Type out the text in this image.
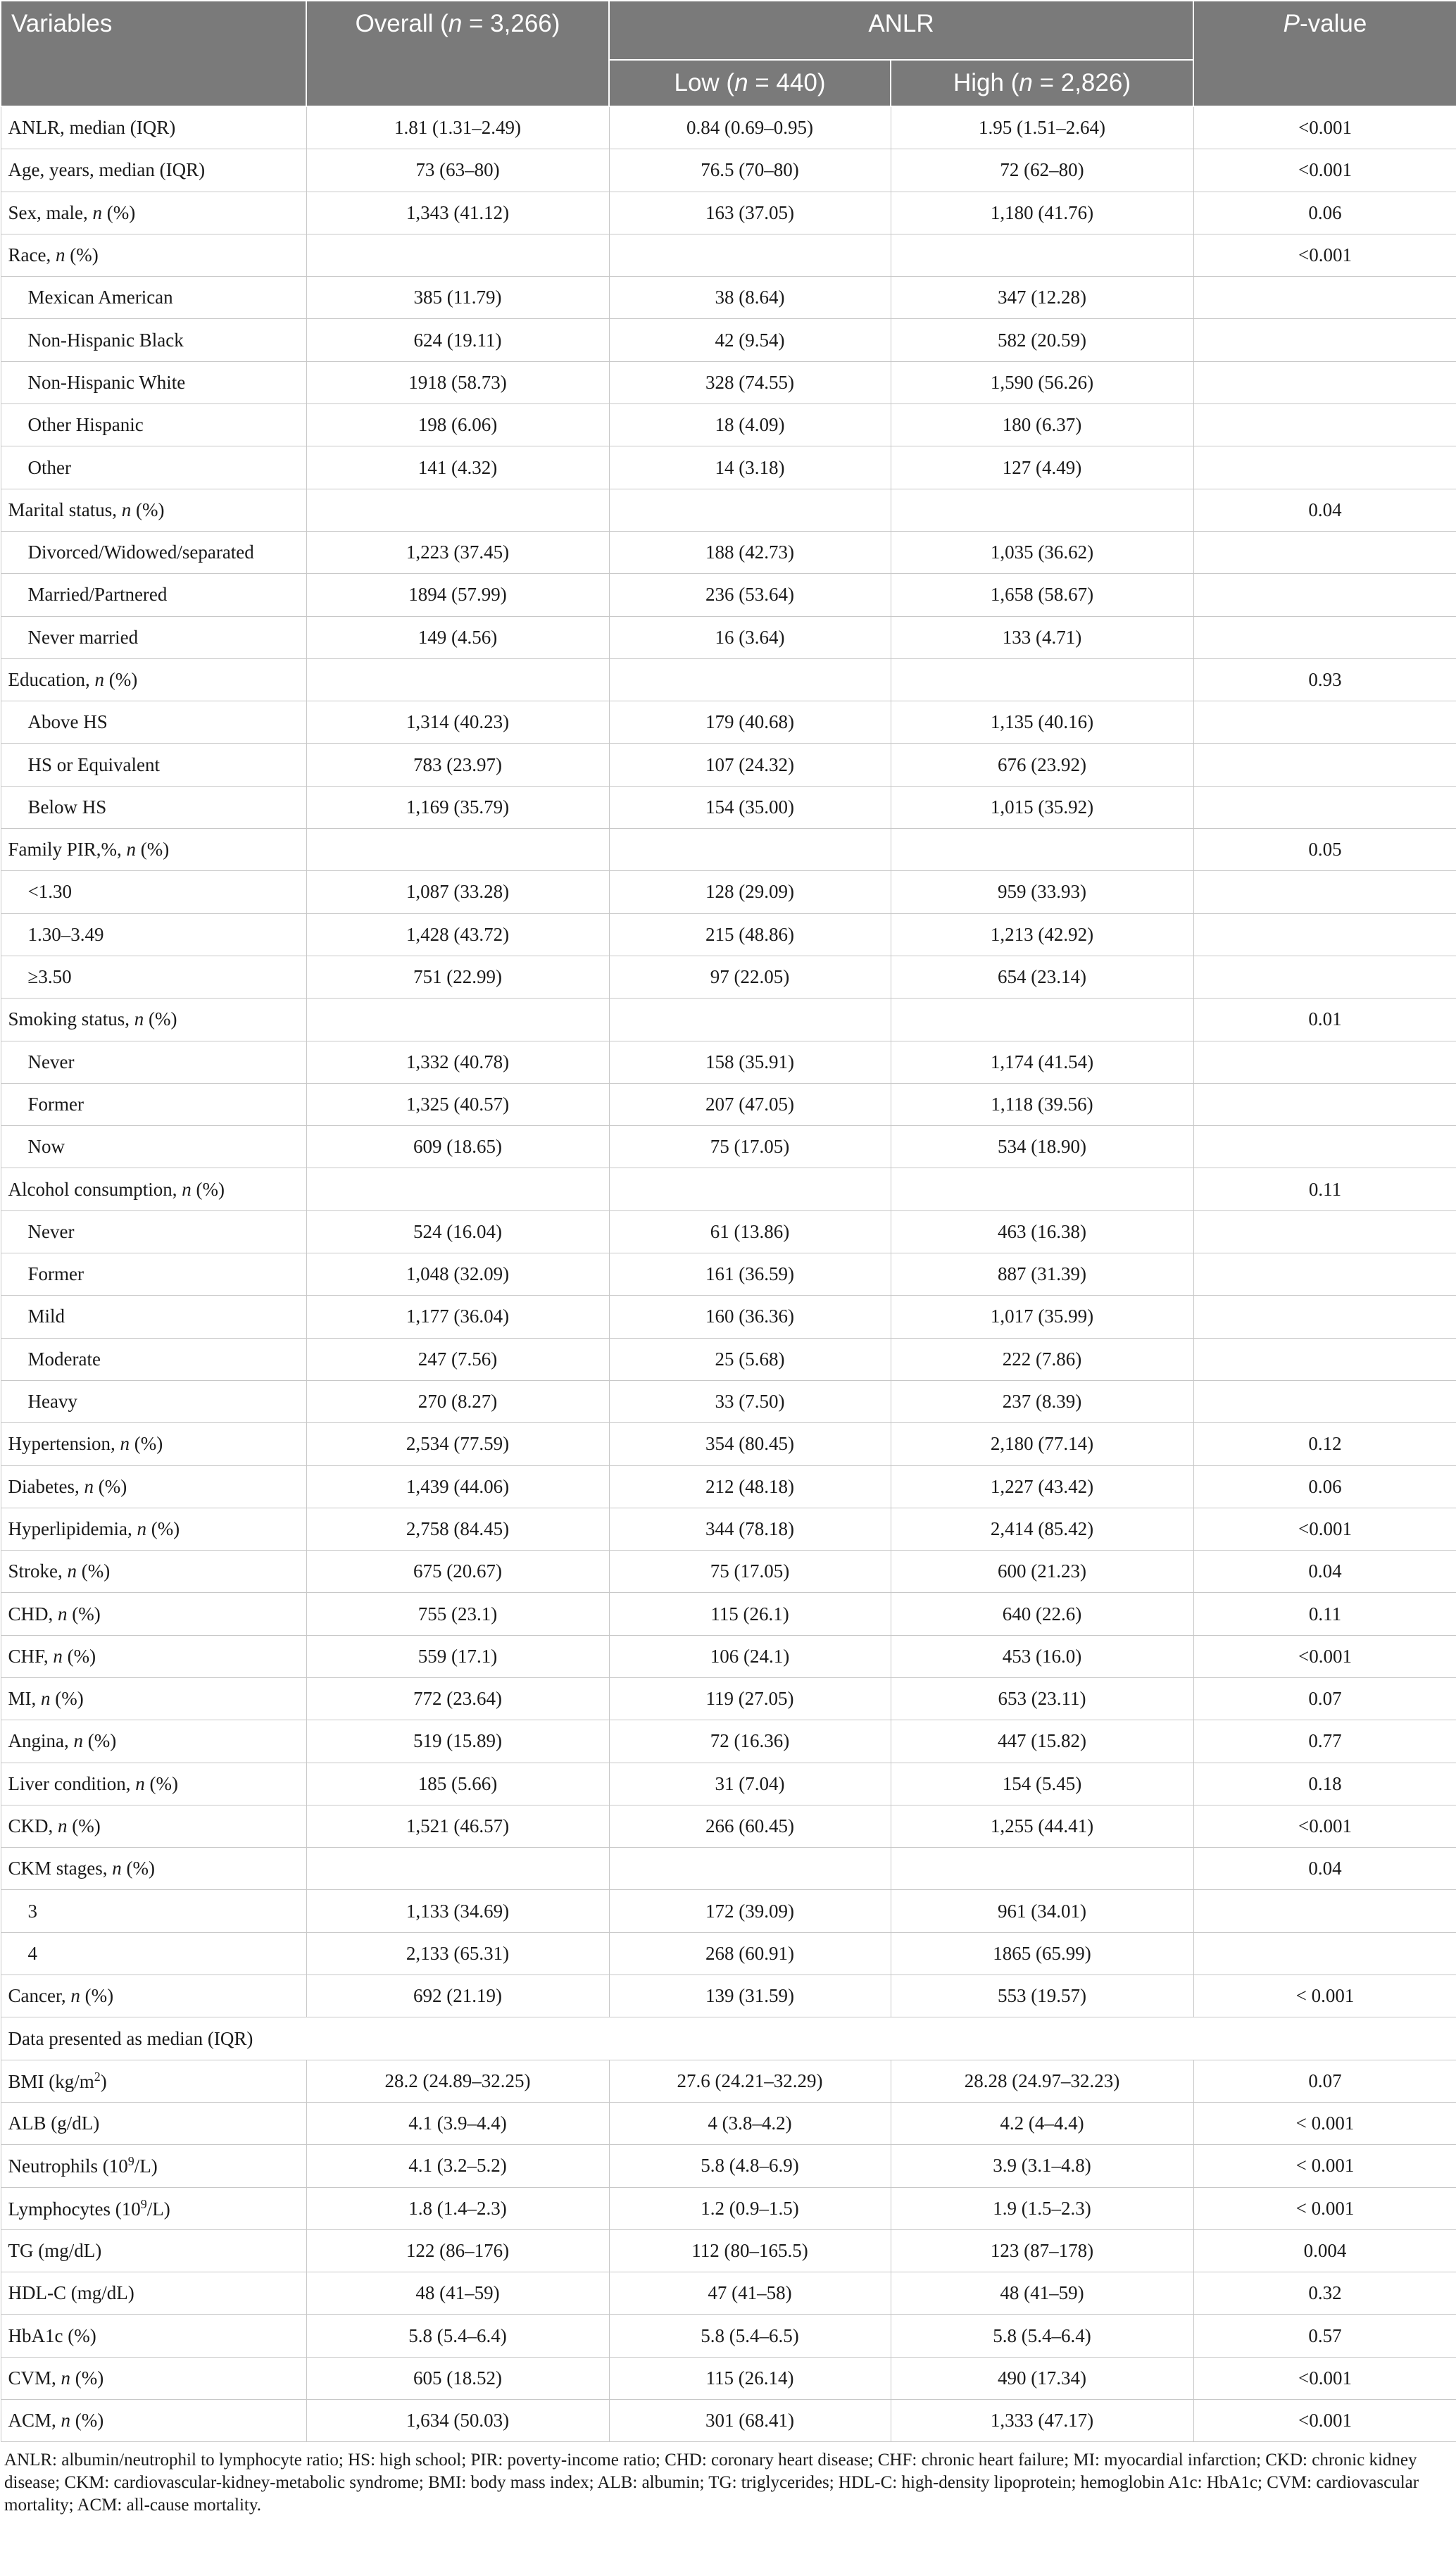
Variables	Overall (n = 3,266)	ANLR		P-value
		Low (n = 440)	High (n = 2,826)	
ANLR, median (IQR)	1.81 (1.31–2.49)	0.84 (0.69–0.95)	1.95 (1.51–2.64)	<0.001
Age, years, median (IQR)	73 (63–80)	76.5 (70–80)	72 (62–80)	<0.001
Sex, male, n (%)	1,343 (41.12)	163 (37.05)	1,180 (41.76)	0.06
Race, n (%)				<0.001
Mexican American	385 (11.79)	38 (8.64)	347 (12.28)	
Non-Hispanic Black	624 (19.11)	42 (9.54)	582 (20.59)	
Non-Hispanic White	1918 (58.73)	328 (74.55)	1,590 (56.26)	
Other Hispanic	198 (6.06)	18 (4.09)	180 (6.37)	
Other	141 (4.32)	14 (3.18)	127 (4.49)	
Marital status, n (%)				0.04
Divorced/Widowed/separated	1,223 (37.45)	188 (42.73)	1,035 (36.62)	
Married/Partnered	1894 (57.99)	236 (53.64)	1,658 (58.67)	
Never married	149 (4.56)	16 (3.64)	133 (4.71)	
Education, n (%)				0.93
Above HS	1,314 (40.23)	179 (40.68)	1,135 (40.16)	
HS or Equivalent	783 (23.97)	107 (24.32)	676 (23.92)	
Below HS	1,169 (35.79)	154 (35.00)	1,015 (35.92)	
Family PIR,%, n (%)				0.05
<1.30	1,087 (33.28)	128 (29.09)	959 (33.93)	
1.30–3.49	1,428 (43.72)	215 (48.86)	1,213 (42.92)	
≥3.50	751 (22.99)	97 (22.05)	654 (23.14)	
Smoking status, n (%)				0.01
Never	1,332 (40.78)	158 (35.91)	1,174 (41.54)	
Former	1,325 (40.57)	207 (47.05)	1,118 (39.56)	
Now	609 (18.65)	75 (17.05)	534 (18.90)	
Alcohol consumption, n (%)				0.11
Never	524 (16.04)	61 (13.86)	463 (16.38)	
Former	1,048 (32.09)	161 (36.59)	887 (31.39)	
Mild	1,177 (36.04)	160 (36.36)	1,017 (35.99)	
Moderate	247 (7.56)	25 (5.68)	222 (7.86)	
Heavy	270 (8.27)	33 (7.50)	237 (8.39)	
Hypertension, n (%)	2,534 (77.59)	354 (80.45)	2,180 (77.14)	0.12
Diabetes, n (%)	1,439 (44.06)	212 (48.18)	1,227 (43.42)	0.06
Hyperlipidemia, n (%)	2,758 (84.45)	344 (78.18)	2,414 (85.42)	<0.001
Stroke, n (%)	675 (20.67)	75 (17.05)	600 (21.23)	0.04
CHD, n (%)	755 (23.1)	115 (26.1)	640 (22.6)	0.11
CHF, n (%)	559 (17.1)	106 (24.1)	453 (16.0)	<0.001
MI, n (%)	772 (23.64)	119 (27.05)	653 (23.11)	0.07
Angina, n (%)	519 (15.89)	72 (16.36)	447 (15.82)	0.77
Liver condition, n (%)	185 (5.66)	31 (7.04)	154 (5.45)	0.18
CKD, n (%)	1,521 (46.57)	266 (60.45)	1,255 (44.41)	<0.001
CKM stages, n (%)				0.04
3	1,133 (34.69)	172 (39.09)	961 (34.01)	
4	2,133 (65.31)	268 (60.91)	1865 (65.99)	
Cancer, n (%)	692 (21.19)	139 (31.59)	553 (19.57)	< 0.001
Data presented as median (IQR)				
BMI $(kg/m^2)$	28.2 (24.89–32.25)	27.6 (24.21–32.29)	28.28 (24.97–32.23)	0.07
ALB (g/dL)	4.1 (3.9–4.4)	4 (3.8–4.2)	4.2 (4–4.4)	< 0.001
Neutrophils $(10^9/L)$	4.1 (3.2–5.2)	5.8 (4.8–6.9)	3.9 (3.1–4.8)	< 0.001
Lymphocytes $(10^9/L)$	1.8 (1.4–2.3)	1.2 (0.9–1.5)	1.9 (1.5–2.3)	< 0.001
TG (mg/dL)	122 (86–176)	112 (80–165.5)	123 (87–178)	0.004
HDL-C (mg/dL)	48 (41–59)	47 (41–58)	48 (41–59)	0.32
HbA1c (%)	5.8 (5.4–6.4)	5.8 (5.4–6.5)	5.8 (5.4–6.4)	0.57
CVM, n (%)	605 (18.52)	115 (26.14)	490 (17.34)	<0.001
ACM, n (%)	1,634 (50.03)	301 (68.41)	1,333 (47.17)	<0.001
ANLR: albumin/neutrophil to lymphocyte ratio; HS: high school; PIR: poverty-income ratio; CHD: coronary heart disease; CHF: chronic heart failure; MI: myocardial infarction; CKD: chronic kidney disease; CKM: cardiovascular-kidney-metabolic syndrome; BMI: body mass index; ALB: albumin; TG: triglycerides; HDL-C: high-density lipoprotein; hemoglobin A1c: HbA1c; CVM: cardiovascular mortality; ACM: all-cause mortality.
